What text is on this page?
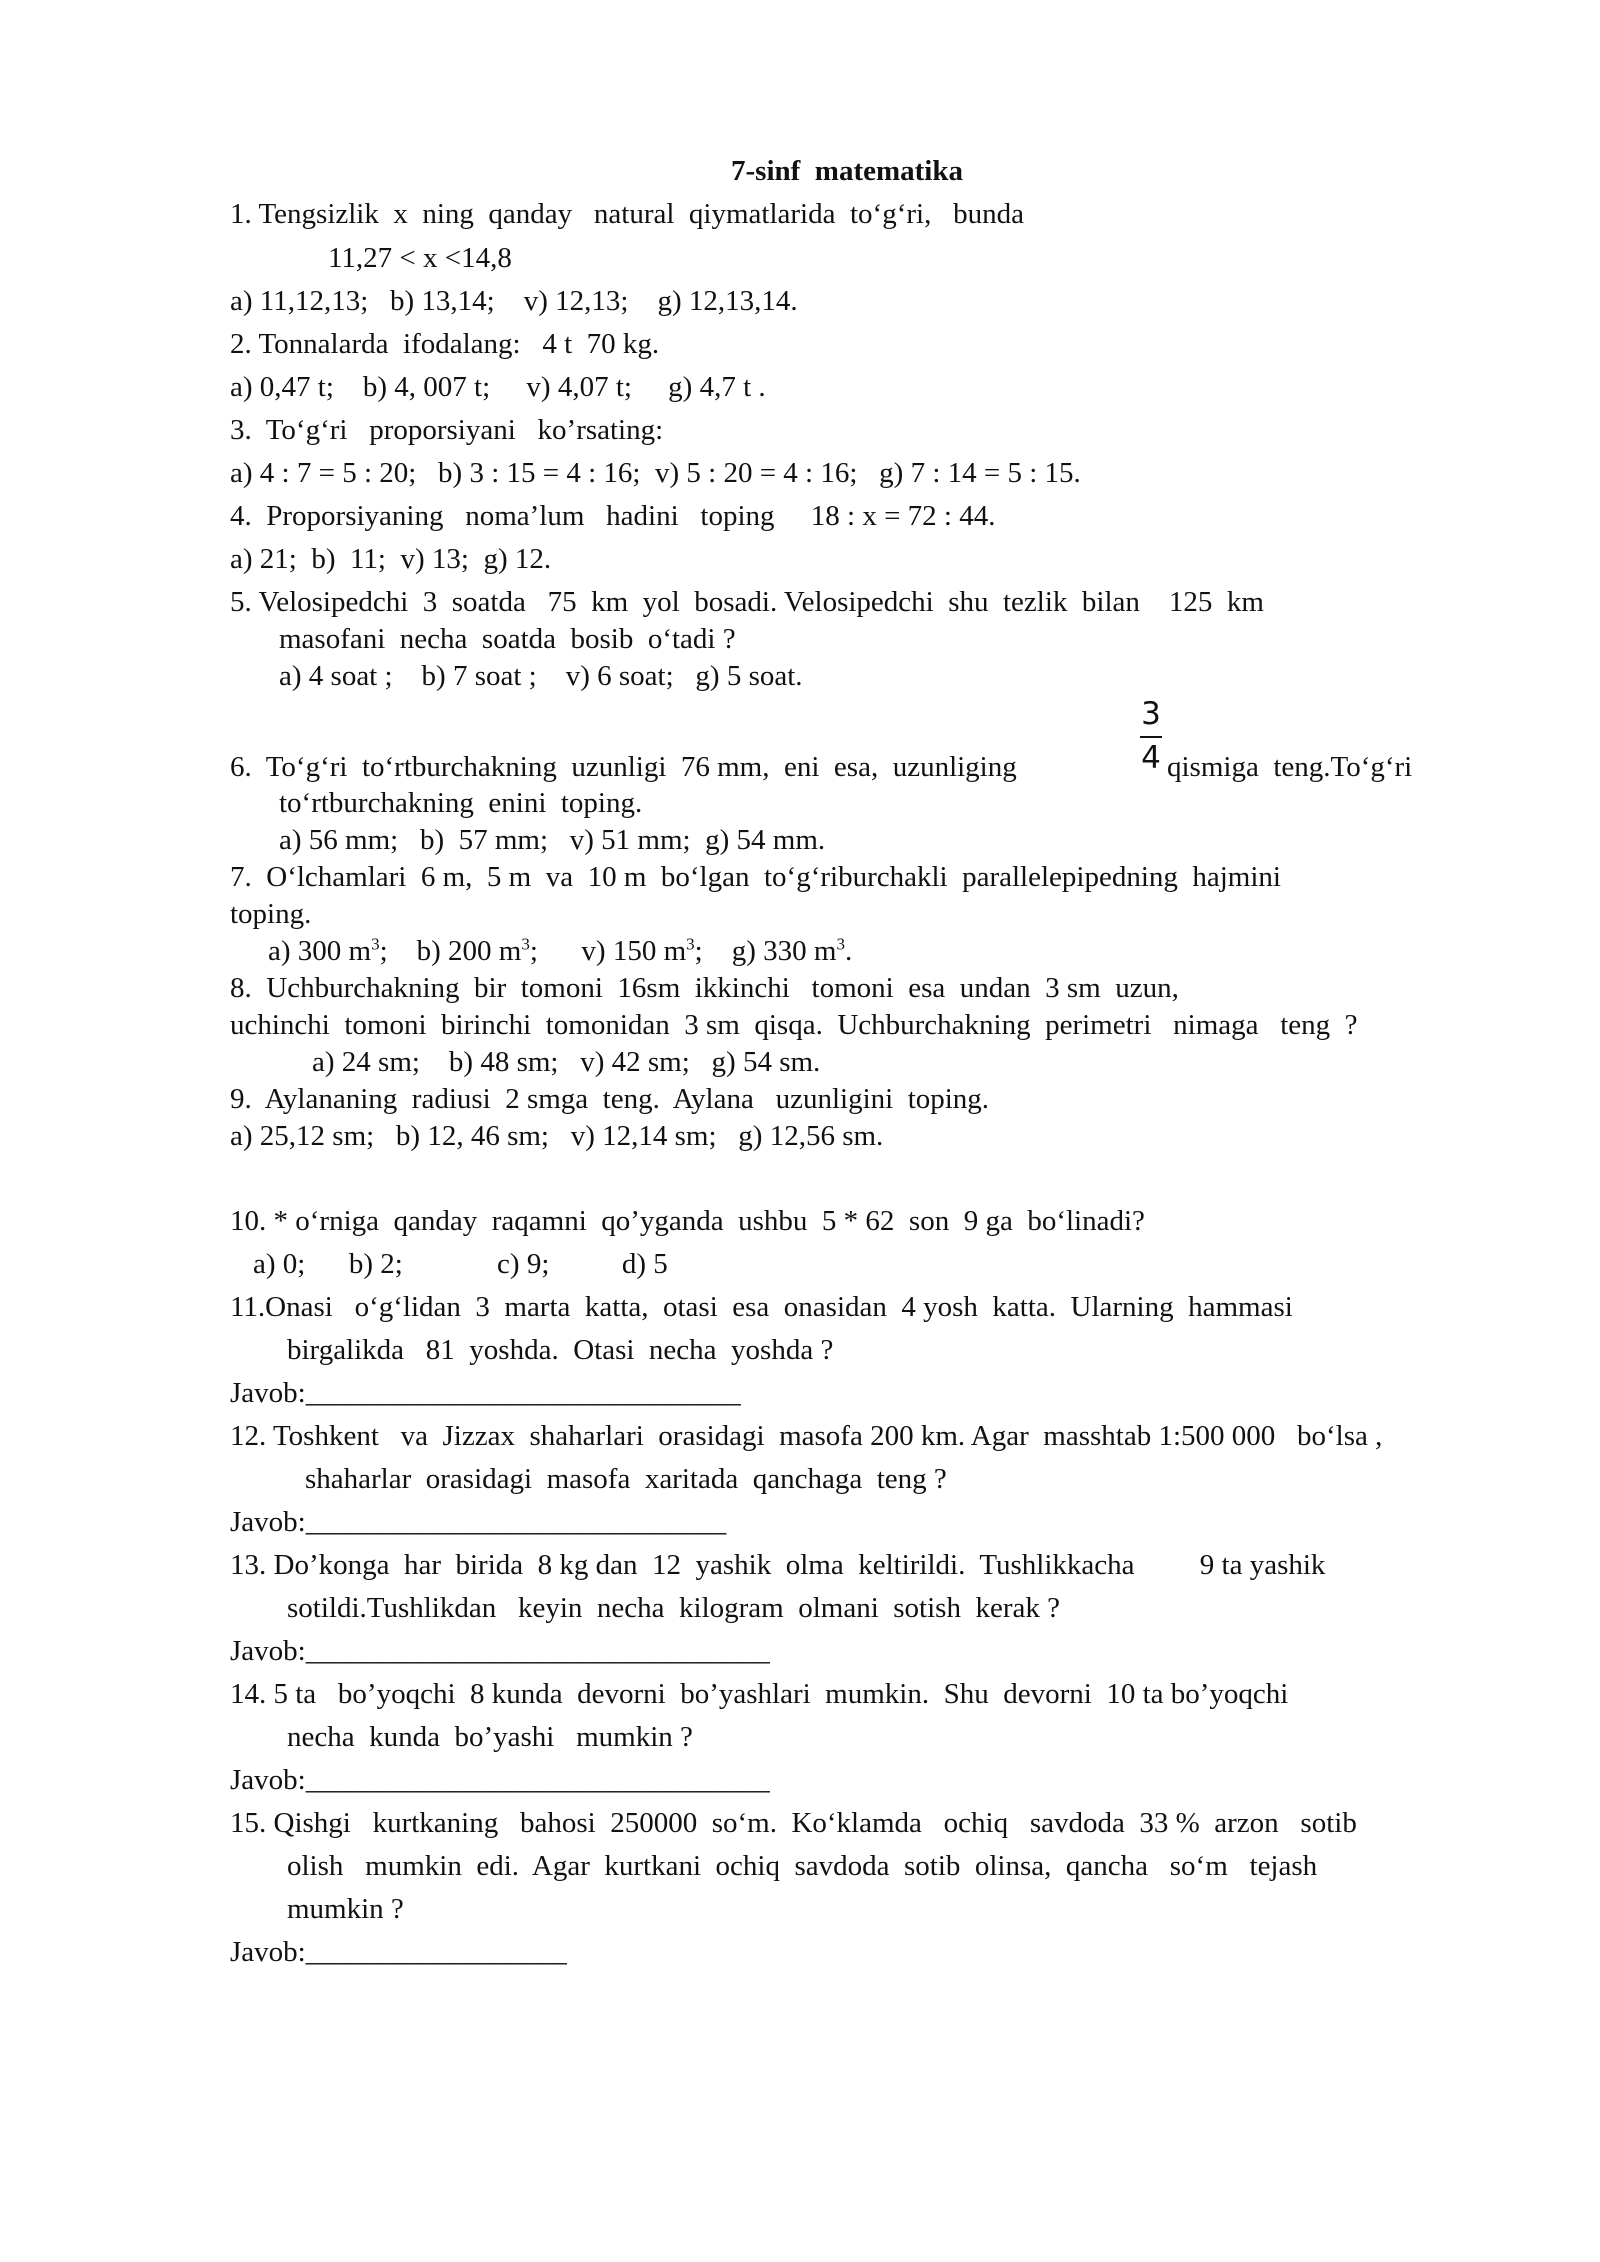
7-sinf  matematika
1. Tengsizlik  x  ning  qanday   natural  qiymatlarida  to‘g‘ri,   bunda
11,27 < x <14,8
a) 11,12,13;   b) 13,14;    v) 12,13;    g) 12,13,14.
2. Tonnalarda  ifodalang:   4 t  70 kg.
a) 0,47 t;    b) 4, 007 t;     v) 4,07 t;     g) 4,7 t .
3.  To‘g‘ri   proporsiyani   ko’rsating:
a) 4 : 7 = 5 : 20;   b) 3 : 15 = 4 : 16;  v) 5 : 20 = 4 : 16;   g) 7 : 14 = 5 : 15.
4.  Proporsiyaning   noma’lum   hadini   toping     18 : x = 72 : 44.
a) 21;  b)  11;  v) 13;  g) 12.
5. Velosipedchi  3  soatda   75  km  yol  bosadi. Velosipedchi  shu  tezlik  bilan    125  km
masofani  necha  soatda  bosib  o‘tadi ?
a) 4 soat ;    b) 7 soat ;    v) 6 soat;   g) 5 soat.
6.  To‘g‘ri  to‘rtburchakning  uzunligi  76 mm,  eni  esa,  uzunliging
3
4 qismiga  teng.To‘g‘ri
to‘rtburchakning  enini  toping.
a) 56 mm;   b)  57 mm;   v) 51 mm;  g) 54 mm.
7.  O‘lchamlari  6 m,  5 m  va  10 m  bo‘lgan  to‘g‘riburchakli  parallelepipedning  hajmini
toping.
a) 300 $m^3$;    b) 200 $m^3$;      v) 150 $m^3$;    g) 330 $m^3$.
8.  Uchburchakning  bir  tomoni  16sm  ikkinchi   tomoni  esa  undan  3 sm  uzun,
uchinchi  tomoni  birinchi  tomonidan  3 sm  qisqa.  Uchburchakning  perimetri   nimaga   teng  ?
a) 24 sm;    b) 48 sm;   v) 42 sm;   g) 54 sm.
9.  Aylananing  radiusi  2 smga  teng.  Aylana   uzunligini  toping.
a) 25,12 sm;   b) 12, 46 sm;   v) 12,14 sm;   g) 12,56 sm.
10. * o‘rniga  qanday  raqamni  qo’yganda  ushbu  5 * 62  son  9 ga  bo‘linadi?
a) 0;      b) 2;             c) 9;          d) 5
11.Onasi   o‘g‘lidan  3  marta  katta,  otasi  esa  onasidan  4 yosh  katta.  Ularning  hammasi
birgalikda   81  yoshda.  Otasi  necha  yoshda ?
Javob:______________________________
12. Toshkent   va  Jizzax  shaharlari  orasidagi  masofa 200 km. Agar  masshtab 1:500 000   bo‘lsa ,
shaharlar  orasidagi  masofa  xaritada  qanchaga  teng ?
Javob:_____________________________
13. Do’konga  har  birida  8 kg dan  12  yashik  olma  keltirildi.  Tushlikkacha         9 ta yashik
sotildi.Tushlikdan   keyin  necha  kilogram  olmani  sotish  kerak ?
Javob:________________________________
14. 5 ta   bo’yoqchi  8 kunda  devorni  bo’yashlari  mumkin.  Shu  devorni  10 ta bo’yoqchi
necha  kunda  bo’yashi   mumkin ?
Javob:________________________________
15. Qishgi   kurtkaning   bahosi  250000  so‘m.  Ko‘klamda   ochiq   savdoda  33 %  arzon   sotib
olish   mumkin  edi.  Agar  kurtkani  ochiq  savdoda  sotib  olinsa,  qancha   so‘m   tejash
mumkin ?
Javob:__________________
